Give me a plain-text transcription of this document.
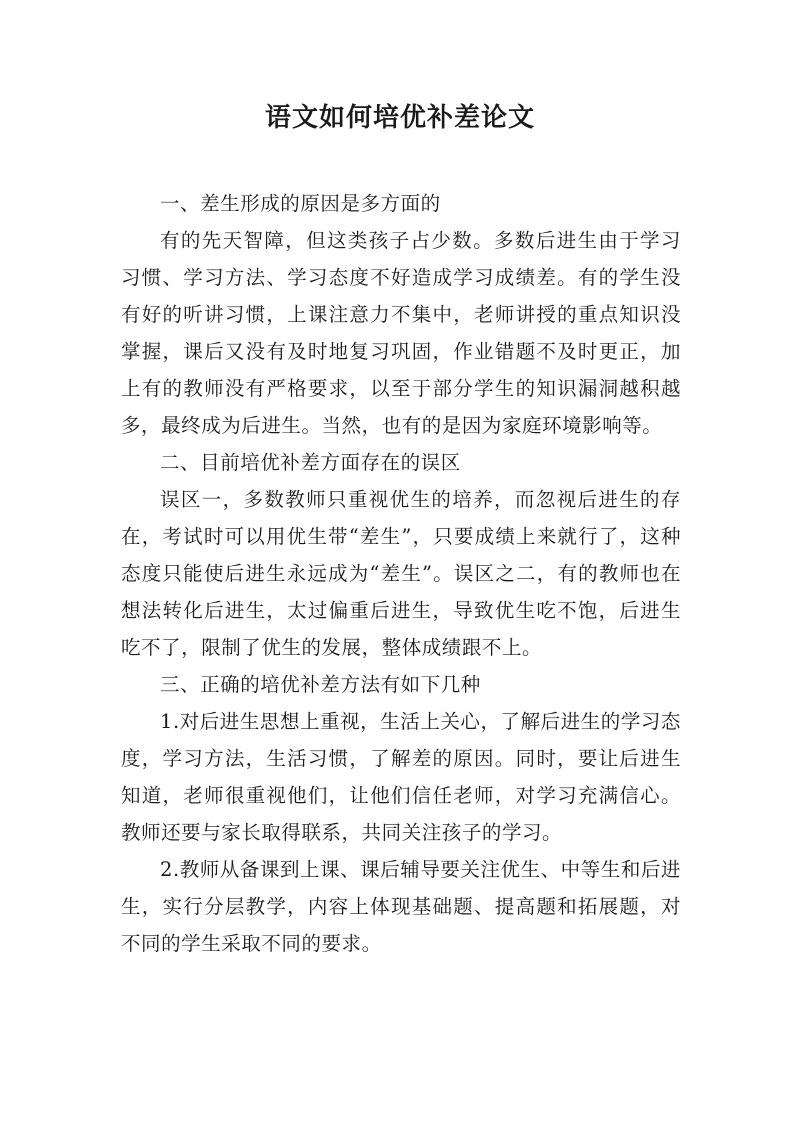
语文如何培优补差论文

一、差生形成的原因是多方面的

有的先天智障，但这类孩子占少数。多数后进生由于学习习惯、学习方法、学习态度不好造成学习成绩差。有的学生没有好的听讲习惯，上课注意力不集中，老师讲授的重点知识没掌握，课后又没有及时地复习巩固，作业错题不及时更正，加上有的教师没有严格要求，以至于部分学生的知识漏洞越积越多，最终成为后进生。当然，也有的是因为家庭环境影响等。

二、目前培优补差方面存在的误区

误区一，多数教师只重视优生的培养，而忽视后进生的存在，考试时可以用优生带“差生”，只要成绩上来就行了，这种态度只能使后进生永远成为“差生”。误区之二，有的教师也在想法转化后进生，太过偏重后进生，导致优生吃不饱，后进生吃不了，限制了优生的发展，整体成绩跟不上。

三、正确的培优补差方法有如下几种

1.对后进生思想上重视，生活上关心，了解后进生的学习态度，学习方法，生活习惯，了解差的原因。同时，要让后进生知道，老师很重视他们，让他们信任老师，对学习充满信心。教师还要与家长取得联系，共同关注孩子的学习。

2.教师从备课到上课、课后辅导要关注优生、中等生和后进生，实行分层教学，内容上体现基础题、提高题和拓展题，对不同的学生采取不同的要求。
